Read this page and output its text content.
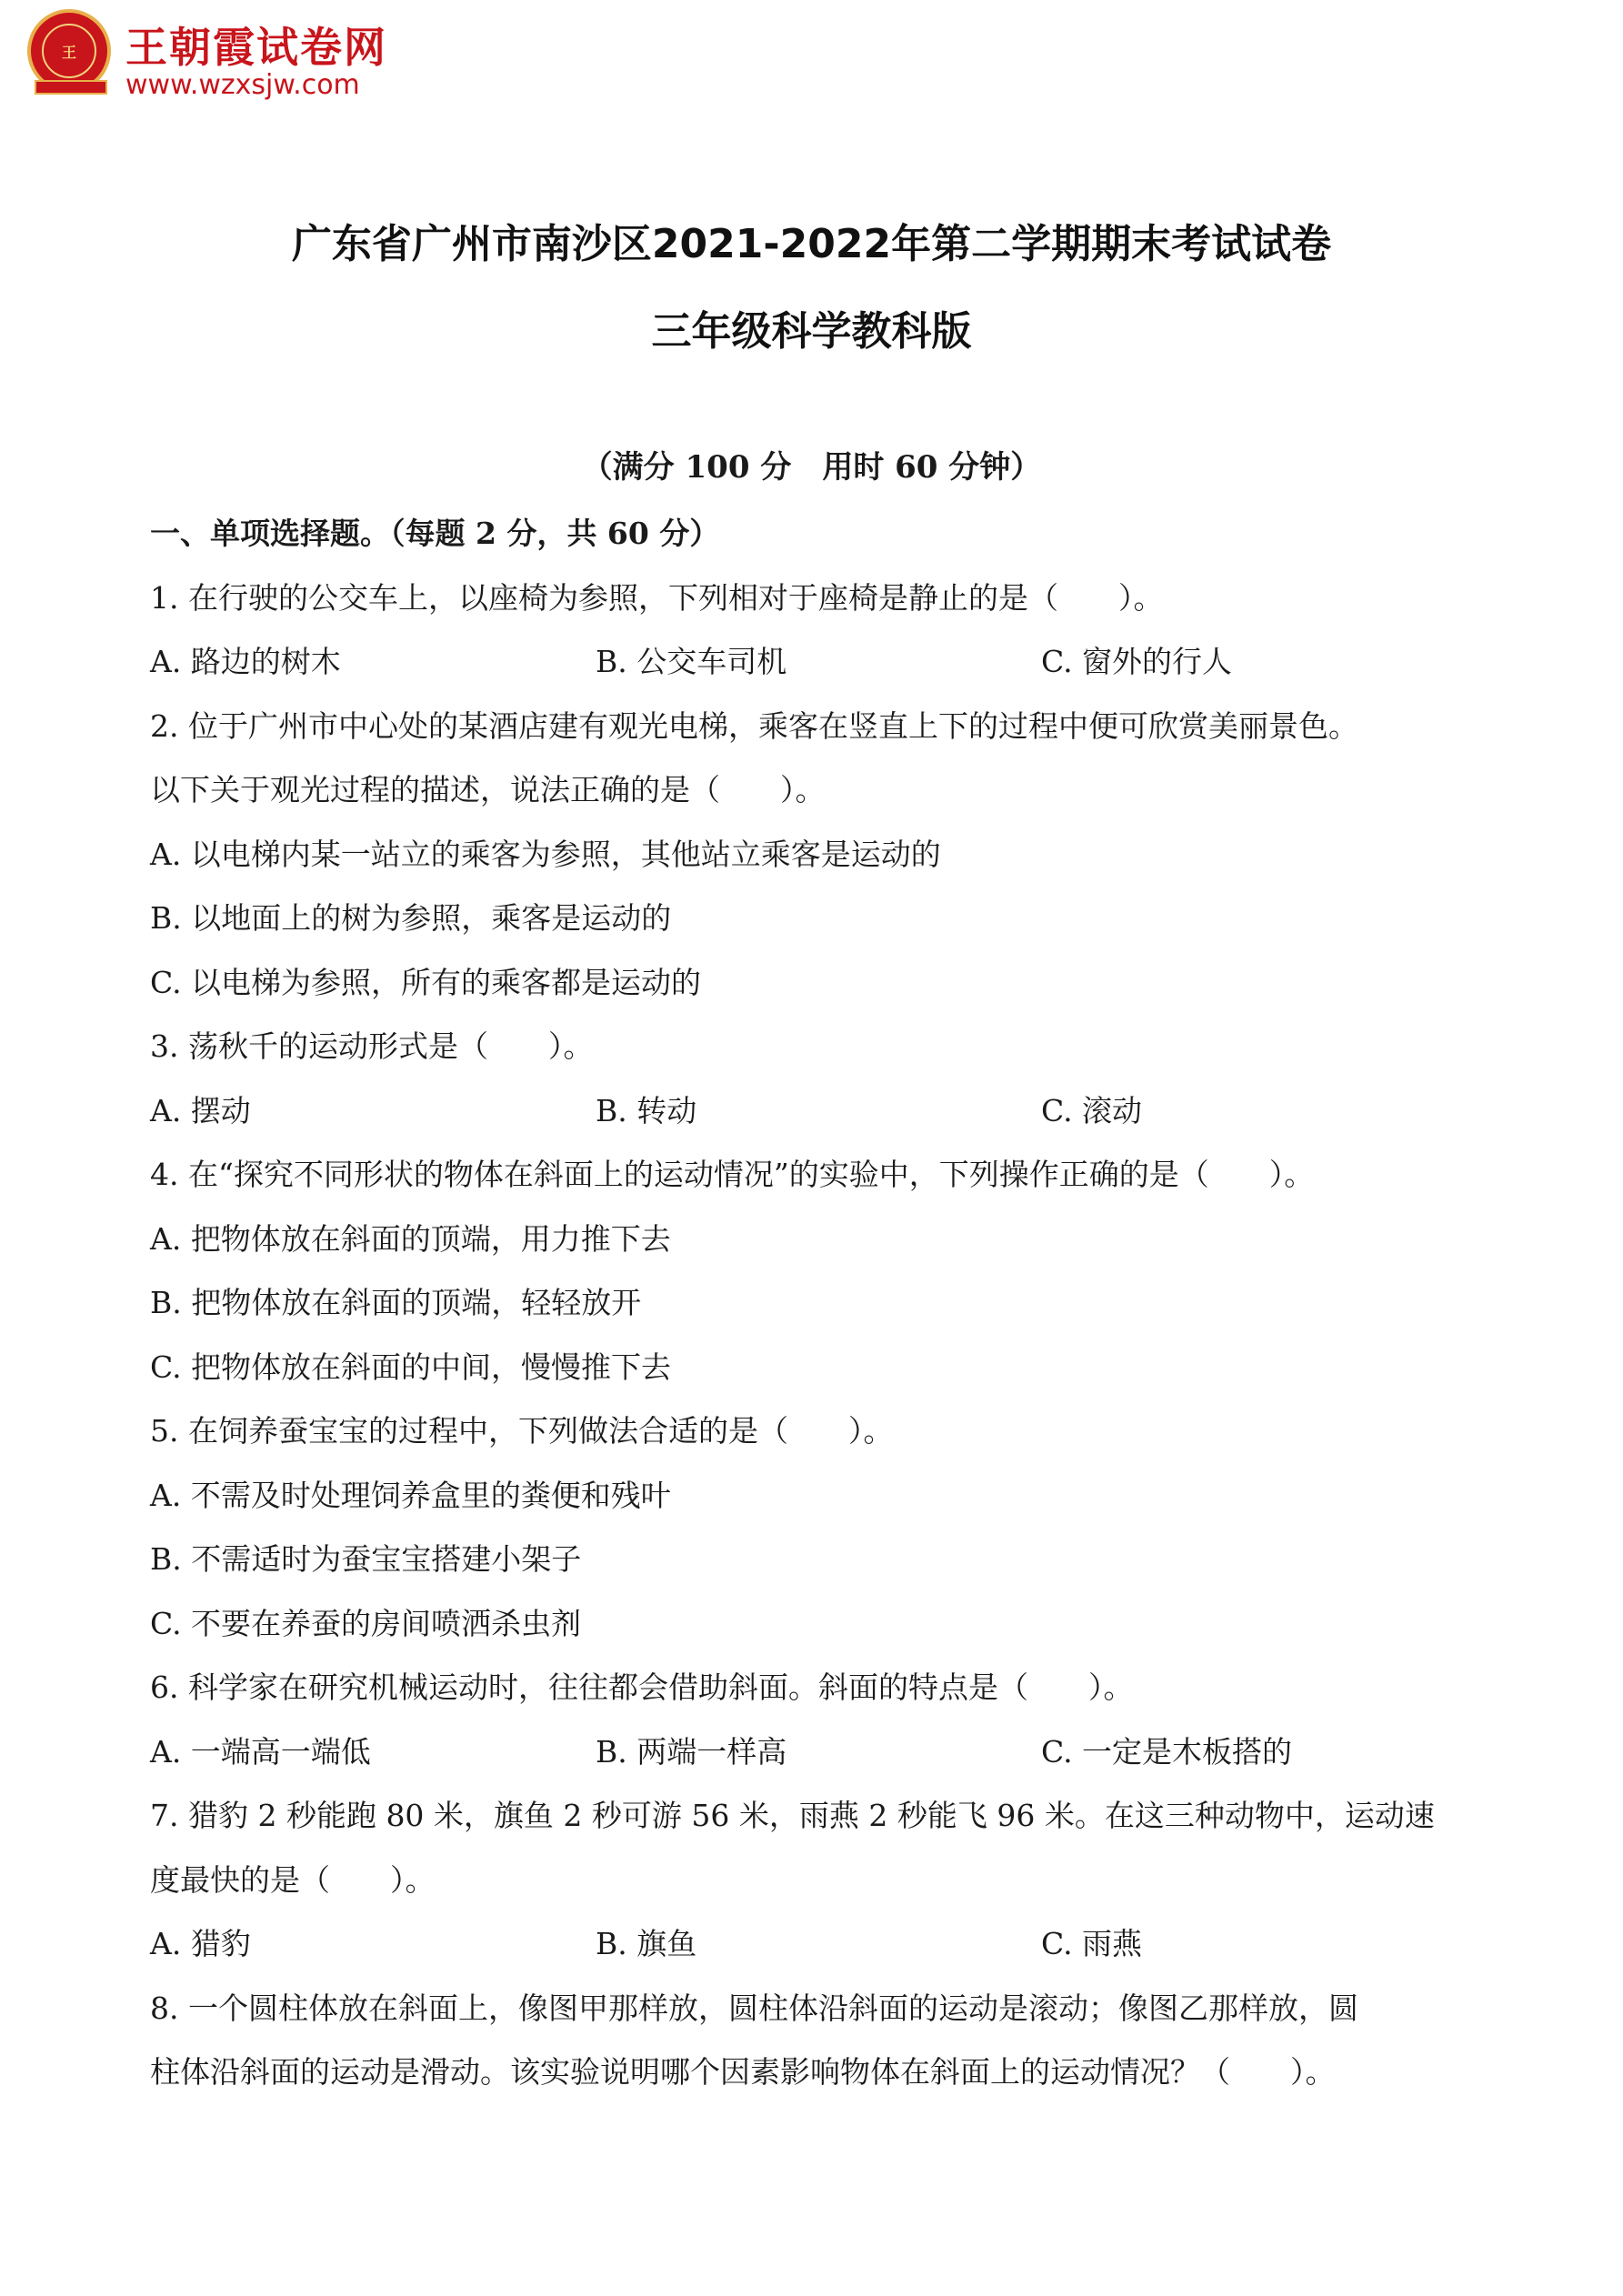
王	王朝霞试卷网
www.wzxsjw.com
广东省广州市南沙区2021-2022年第二学期期末考试试卷
三年级科学教科版
（满分 100 分　用时 60 分钟）
一、单项选择题。（每题 2 分，共 60 分）
1. 在行驶的公交车上，以座椅为参照，下列相对于座椅是静止的是（　　）。
A. 路边的树木	B. 公交车司机	C. 窗外的行人
2. 位于广州市中心处的某酒店建有观光电梯，乘客在竖直上下的过程中便可欣赏美丽景色。
以下关于观光过程的描述，说法正确的是（　　）。
A. 以电梯内某一站立的乘客为参照，其他站立乘客是运动的
B. 以地面上的树为参照，乘客是运动的
C. 以电梯为参照，所有的乘客都是运动的
3. 荡秋千的运动形式是（　　）。
A. 摆动	B. 转动	C. 滚动
4. 在“探究不同形状的物体在斜面上的运动情况”的实验中，下列操作正确的是（　　）。
A. 把物体放在斜面的顶端，用力推下去
B. 把物体放在斜面的顶端，轻轻放开
C. 把物体放在斜面的中间，慢慢推下去
5. 在饲养蚕宝宝的过程中，下列做法合适的是（　　）。
A. 不需及时处理饲养盒里的粪便和残叶
B. 不需适时为蚕宝宝搭建小架子
C. 不要在养蚕的房间喷洒杀虫剂
6. 科学家在研究机械运动时，往往都会借助斜面。斜面的特点是（　　）。
A. 一端高一端低	B. 两端一样高	C. 一定是木板搭的
7. 猎豹 2 秒能跑 80 米，旗鱼 2 秒可游 56 米，雨燕 2 秒能飞 96 米。在这三种动物中，运动速
度最快的是（　　）。
A. 猎豹	B. 旗鱼	C. 雨燕
8. 一个圆柱体放在斜面上，像图甲那样放，圆柱体沿斜面的运动是滚动；像图乙那样放，圆
柱体沿斜面的运动是滑动。该实验说明哪个因素影响物体在斜面上的运动情况？（　　）。
